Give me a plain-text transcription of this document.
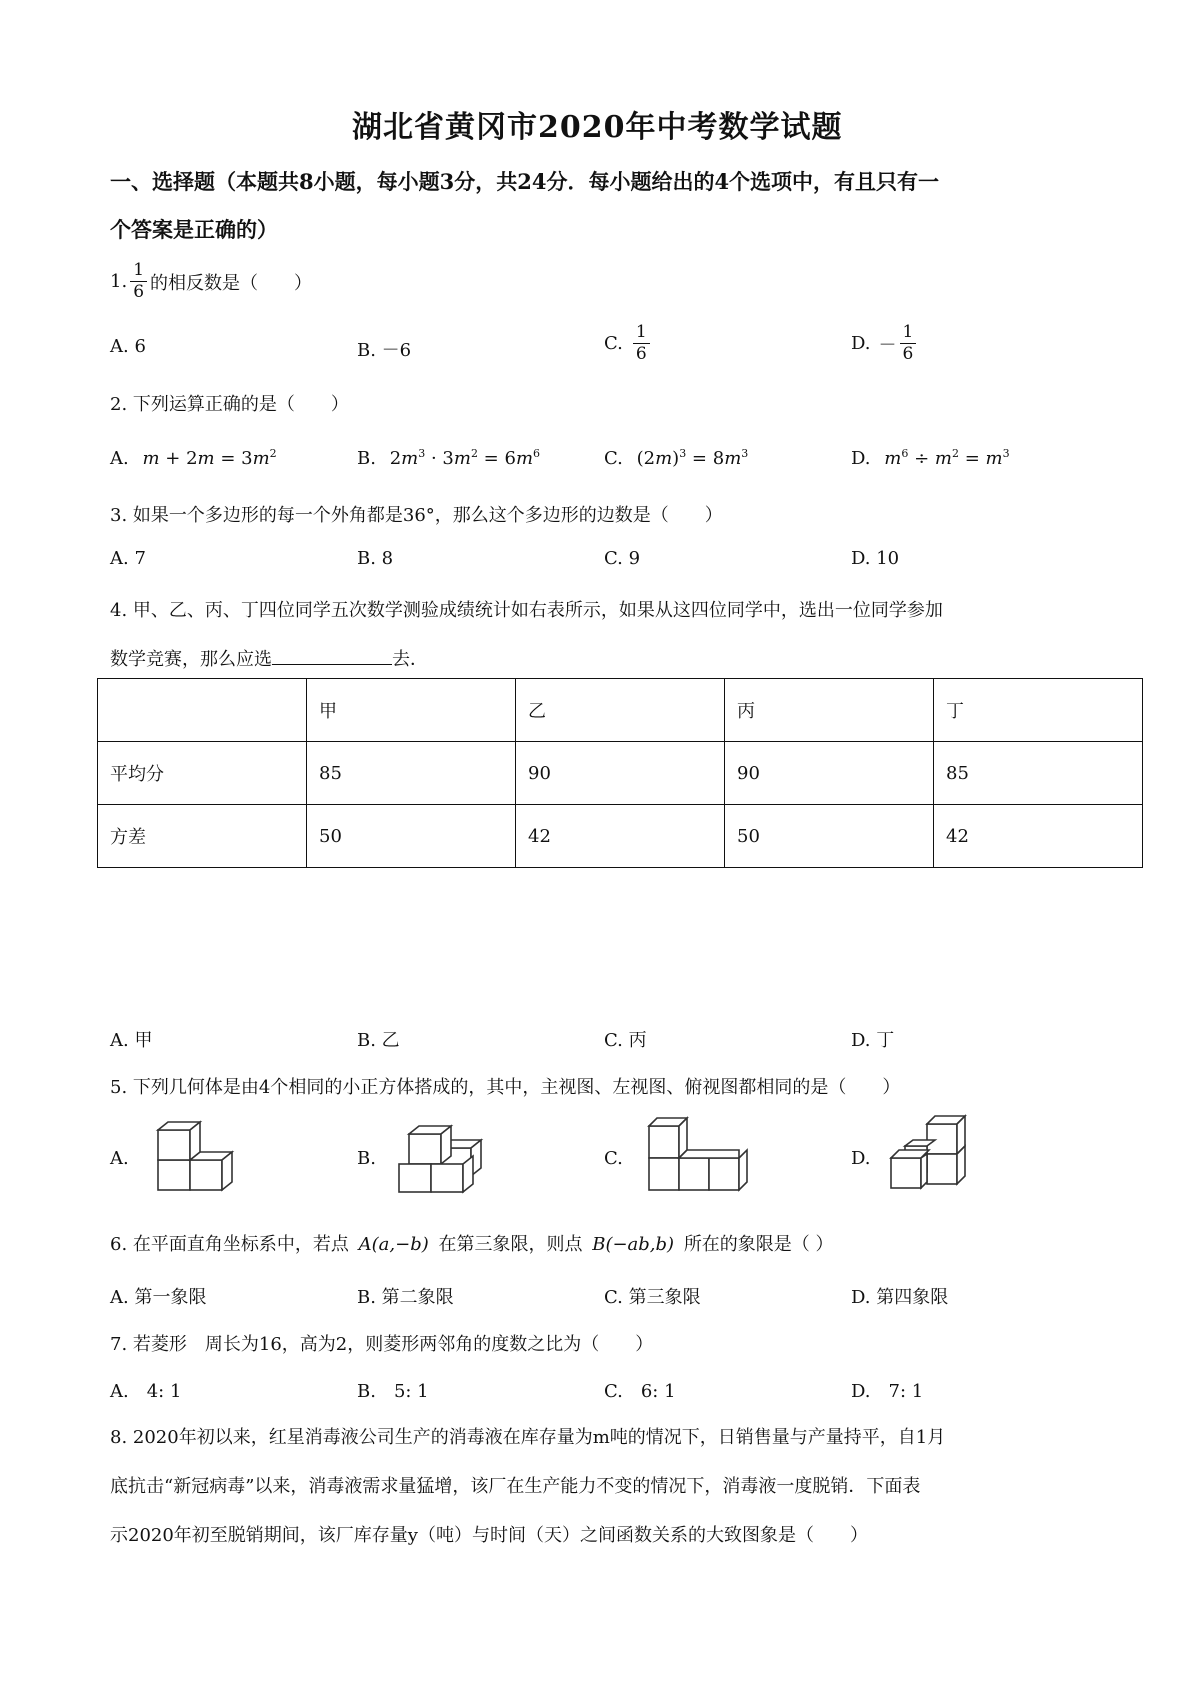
湖北省黄冈市2020年中考数学试题
一、选择题（本题共8小题，每小题3分，共24分．每小题给出的4个选项中，有且只有一
个答案是正确的）
1. $\frac{1}{6}$ 的相反数是（　　）
A. 6	B. －6	C. $\frac{1}{6}$	D. － $\frac{1}{6}$
2. 下列运算正确的是（　　）
A. $m + 2m = 3m^2$	B. $2m^3 \cdot 3m^2 = 6m^6$	C. $(2m)^3 = 8m^3$	D. $m^6 \div m^2 = m^3$
3. 如果一个多边形的每一个外角都是36°，那么这个多边形的边数是（　　）
A. 7	B. 8	C. 9	D. 10
4. 甲、乙、丙、丁四位同学五次数学测验成绩统计如右表所示，如果从这四位同学中，选出一位同学参加
数学竞赛，那么应选	去．
	甲	乙	丙	丁
平均分	85	90	90	85
方差	50	42	50	42
A. 甲	B. 乙	C. 丙	D. 丁
5. 下列几何体是由4个相同的小正方体搭成的，其中，主视图、左视图、俯视图都相同的是（　　）
A.	B.	C.	D.
6. 在平面直角坐标系中，若点 A(a,−b) 在第三象限，则点 B(−ab,b) 所在的象限是（ ）
A. 第一象限	B. 第二象限	C. 第三象限	D. 第四象限
7. 若菱形　周长为16，高为2，则菱形两邻角的度数之比为（　　）
A.　4: 1	B.　5: 1	C.　6: 1	D.　7: 1
8. 2020年初以来，红星消毒液公司生产的消毒液在库存量为m吨的情况下，日销售量与产量持平，自1月
底抗击“新冠病毒”以来，消毒液需求量猛增，该厂在生产能力不变的情况下，消毒液一度脱销．下面表
示2020年初至脱销期间，该厂库存量y（吨）与时间（天）之间函数关系的大致图象是（　　）
